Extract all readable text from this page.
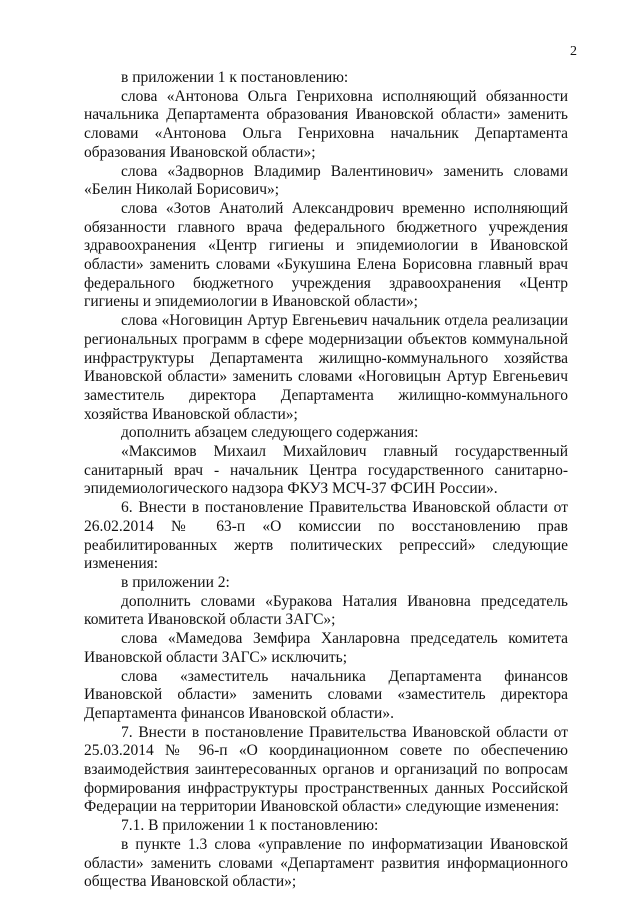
2

в приложении 1 к постановлению:

слова «Антонова Ольга Генриховна исполняющий обязанности начальника Департамента образования Ивановской области» заменить словами «Антонова Ольга Генриховна начальник Департамента образования Ивановской области»;

слова «Задворнов Владимир Валентинович» заменить словами «Белин Николай Борисович»;

слова «Зотов Анатолий Александрович временно исполняющий обязанности главного врача федерального бюджетного учреждения здравоохранения «Центр гигиены и эпидемиологии в Ивановской области» заменить словами «Букушина Елена Борисовна главный врач федерального бюджетного учреждения здравоохранения «Центр гигиены и эпидемиологии в Ивановской области»;

слова «Ноговицин Артур Евгеньевич начальник отдела реализации региональных программ в сфере модернизации объектов коммунальной инфраструктуры Департамента жилищно-коммунального хозяйства Ивановской области» заменить словами «Ноговицын Артур Евгеньевич заместитель директора Департамента жилищно-коммунального хозяйства Ивановской области»;

дополнить абзацем следующего содержания:

«Максимов Михаил Михайлович главный государственный санитарный врач - начальник Центра государственного санитарно-эпидемиологического надзора ФКУЗ МСЧ-37 ФСИН России».

6. Внести в постановление Правительства Ивановской области от 26.02.2014 № 63-п «О комиссии по восстановлению прав реабилитированных жертв политических репрессий» следующие изменения:

в приложении 2:

дополнить словами «Буракова Наталия Ивановна председатель комитета Ивановской области ЗАГС»;

слова «Мамедова Земфира Ханларовна председатель комитета Ивановской области ЗАГС» исключить;

слова «заместитель начальника Департамента финансов Ивановской области» заменить словами «заместитель директора Департамента финансов Ивановской области».

7. Внести в постановление Правительства Ивановской области от 25.03.2014 № 96-п «О координационном совете по обеспечению взаимодействия заинтересованных органов и организаций по вопросам формирования инфраструктуры пространственных данных Российской Федерации на территории Ивановской области» следующие изменения:

7.1. В приложении 1 к постановлению:

в пункте 1.3 слова «управление по информатизации Ивановской области» заменить словами «Департамент развития информационного общества Ивановской области»;
